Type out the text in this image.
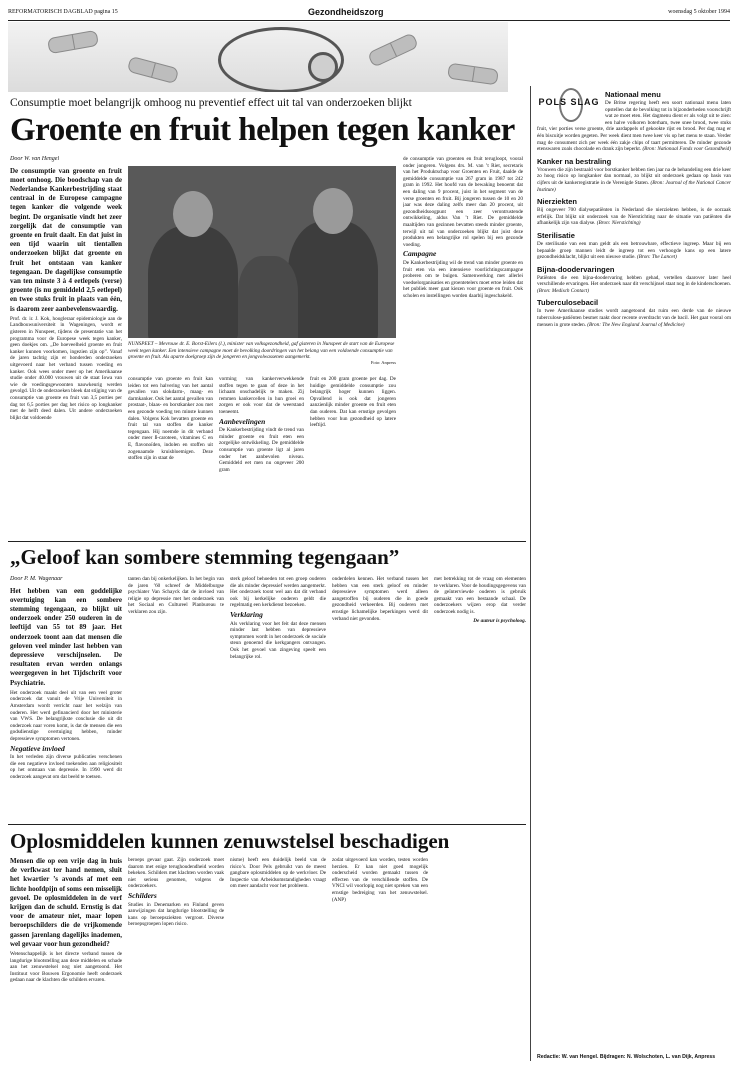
REFORMATORISCH DAGBLAD pagina 15	Gezondheidszorg	woensdag 5 oktober 1994
Consumptie moet belangrijk omhoog nu preventief effect uit tal van onderzoeken blijkt
Groente en fruit helpen tegen kanker
Door W. van Hengel

De consumptie van groente en fruit moet omhoog. Die boodschap van de Nederlandse Kankerbestrijding staat centraal in de Europese campagne tegen kanker die volgende week begint. De organisatie vindt het zeer zorgelijk dat de consumptie van groente en fruit daalt. En dat juist in een tijd waarin uit tientallen onderzoeken blijkt dat groente en fruit het ontstaan van kanker tegengaan. De dagelijkse consumptie van ten minste 3 à 4 eetlepels (verse) groente (is nu gemiddeld 2,5 eetlepel) en twee stuks fruit in plaats van één, is daarom zeer aanbevelenswaardig.

Prof. dr. ir. J. Kok, hoogleraar epidemiologie aan de Landbouwuniversiteit in Wageningen, wordt er gisteren in Nunspeet, tijdens de presentatie van het programma voor de Europese week tegen kanker, geen doekjes om. „De hoeveelheid groente en fruit kanker kunnen voorkomen, ingezien zijn op”. Vanaf de jaren tachtig zijn er honderden onderzoeken uitgevoerd naar het verband tussen voeding en kanker. Ook wees onder meer op het Amerikaanse studie onder 40.000 vrouwen uit de staat Iowa van wie de voedingsgewoonten nauwkeurig werden gevolgd. Uit de onderzoeken bleek dat stijging van de consumptie van groente en fruit van 3,5 porties per dag tot 6,5 porties per dag het risico op longkanker met de helft deed dalen. Uit andere onderzoeken blijkt dat voldoende

NUNSPEET – Mevrouw dr. E. Borst-Eilers (l.), minister van volksgezondheid, gaf gisteren in Nunspeet de start van de Europese week tegen kanker. Een intensieve campagne moet de bevolking doordringen van het belang van een voldoende consumptie van groente en fruit. Als aparte doelgroep zijn de jongeren en jongvolwassenen aangemerkt.
Foto: Anpress

consumptie van groente en fruit kan leiden tot een halvering van het aantal gevallen van slokdarm-, maag- en darmkanker. Ook het aantal gevallen van prostaat-, blaas- en borstkanker zou met een gezonde voeding ten minste kunnen dalen. Volgens Kok bevatten groente en fruit tal van stoffen die kanker tegengaan. Hij noemde in dit verband onder meer ß-caroteen, vitamines C en E, flavonoïden, indolen en stoffen uit zogenaamde kruisbloemigen. Deze stoffen zijn in staat de

vorming van kankerverwekkende stoffen tegen te gaan of deze in het lichaam onschadelijk te maken. Zij remmen kankercellen in hun groei en zorgen er ook voor dat de weerstand toeneemt.

Aanbevelingen

De Kankerbestrijding vindt de trend van minder groente en fruit eten een zorgelijke ontwikkeling. De gemiddelde consumptie van groente ligt al jaren onder het aanbevolen niveau. Gemiddeld eet men nu ongeveer 200 gram

fruit en 200 gram groente per dag. De huidige gemiddelde consumptie zou belangrijk hoger kunnen liggen. Opvallend is ook dat jongeren aanzienlijk minder groente en fruit eten dan ouderen. Dat kan ernstige gevolgen hebben voor hun gezondheid op latere leeftijd.

de consumptie van groenten en fruit terugloopt, vooral onder jongeren. Volgens drs. M. van ’t Riet, secretaris van het Produktschap voor Groenten en Fruit, daalde de gemiddelde consumptie van 267 gram in 1987 tot 242 gram in 1992. Het hoofd van de bewaking benoemt dat een daling van 9 procent, juist in het segment van de verse groenten en fruit. Bij jongeren tussen de 10 en 20 jaar was deze daling zelfs meer dan 20 procent, uit gezondheidsoogpunt een zeer verontrustende ontwikkeling, aldus Van ’t Riet. De gemiddelde maaltijden van gezinnen bevatten steeds minder groente, terwijl uit tal van onderzoeken blijkt dat juist deze produkten een belangrijke rol spelen bij een gezonde voeding.

Campagne

De Kankerbestrijding wil de trend van minder groente en fruit eten via een intensieve voorlichtingscampagne proberen om te buigen. Samenwerking met allerlei voedselorganisaties en groentetelers moet ertoe leiden dat het publiek meer gaat kiezen voor groente en fruit. Ook scholen en instellingen worden daarbij ingeschakeld.

„Geloof kan sombere stemming tegengaan”
Door P. M. Wagenaar

Het hebben van een goddelijke overtuiging kan een sombere stemming tegengaan, zo blijkt uit onderzoek onder 250 ouderen in de leeftijd van 55 tot 89 jaar. Het onderzoek toont aan dat mensen die geloven veel minder last hebben van depressieve verschijnselen. De resultaten ervan werden onlangs weergegeven in het Tijdschrift voor Psychiatrie.

Het onderzoek maakt deel uit van een veel groter onderzoek dat vanuit de Vrije Universiteit in Amsterdam wordt verricht naar het welzijn van ouderen. Het werd gefinancierd door het ministerie van VWS. De belangrijkste conclusie die uit dit onderzoek naar voren komt, is dat de mensen die een godsdienstige overtuiging hebben, minder depressieve symptomen vertonen.

Negatieve invloed

In het verleden zijn diverse publicaties verschenen die een negatieve invloed toekenden aan religiositeit op het ontstaan van depressie. In 1990 werd dit onderzoek aangevat om dat beeld te toetsen.

tanten dan bij onkerkelijken. In het begin van de jaren ’60 schreef de Middelburgse psychiater Van Schayck dat de invloed van religie op depressie met het onderzoek van het Sociaal en Cultureel Planbureau te verklaren zou zijn.

sterk geloof behoeden tot een groep ouderen die als minder depressief werden aangemerkt. Het onderzoek toont wel aan dat dit verband ook bij kerkelijke ouderen geldt die regelmatig een kerkdienst bezoeken.

Verklaring

Als verklaring voor het feit dat deze mensen minder last hebben van depressieve symptomen wordt in het onderzoek de sociale steun genoemd die kerkgangers ontvangen. Ook het gevoel van zingeving speelt een belangrijke rol.

onderdelen kennen. Het verband tussen het hebben van een sterk geloof en minder depressieve symptomen werd alleen aangetroffen bij ouderen die in goede gezondheid verkeerden. Bij ouderen met ernstige lichamelijke beperkingen werd dit verband niet gevonden.

met betrekking tot de vraag om elementen te verklaren. Voor de houdingsgegevens van de geïnterviewde ouderen is gebruik gemaakt van een bestaande schaal. De onderzoekers wijzen erop dat verder onderzoek nodig is.

De auteur is psycholoog.

Oplosmiddelen kunnen zenuwstelsel beschadigen

Mensen die op een vrije dag in huis de verfkwast ter hand nemen, sluit het kwartier ’s avonds af met een lichte hoofdpijn of soms een misselijk gevoel. De oplosmiddelen in de verf krijgen dan de schuld. Ernstig is dat voor de amateur niet, maar lopen beroepschilders die de vrijkomende gassen jarenlang dagelijks inademen, wel gevaar voor hun gezondheid?

Wetenschappelijk is het directe verband tussen de langdurige blootstelling aan deze middelen en schade aan het zenuwstelsel nog niet aangetoond. Het Instituut voor Bouwen Ergonomie heeft onderzoek gedaan naar de klachten die schilders ervaren.

beroeps gevaar gaat. Zijn onderzoek moet daarom met enige terughoudendheid worden bekeken. Schilders met klachten worden vaak niet serieus genomen, volgens de onderzoekers.

Schilders

Studies in Denemarken en Finland geven aanwijzingen dat langdurige blootstelling de kans op beroepsziekten vergroot. Diverse beroepsgroepen lopen risico.

nisme) heeft een duidelijk beeld van de risico’s. Door Pels gebruikt van de meest gangbare oplosmiddelen op de werkvloer. De Inspectie van Arbeidsomstandigheden vraagt om meer aandacht voor het probleem.

zodat uitgevoerd kan worden, testen worden herzien. Er kan niet goed mogelijk onderscheid worden gemaakt tussen de effecten van de verschillende stoffen. De VNCI wil voorlopig nog niet spreken van een ernstige bedreiging van het zenuwstelsel. (ANP)

POLS SLAG
Nationaal menu
De Britse regering heeft een soort nationaal menu laten opstellen dat de bevolking tot in bijzonderheden voorschrijft wat ze moet eten. Het dagmenu dient er als volgt uit te zien: een halve volkoren boterham, twee snee brood, twee stuks fruit, vier porties verse groente, drie aardappels of gekookte rijst en brood. Per dag mag er één biscuitje worden gegeten. Per week dient men twee keer vis op het menu te staan. Verder mag de consument zich per week één zakje chips of taart permitteren. De minder gezonde etenswaren zoals chocolade en drank zijn beperkt. (Bron: Nationaal Fonds voor Gezondheid)
Kanker na bestraling
Vrouwen die zijn bestraald voor borstkanker hebben tien jaar na de behandeling een drie keer zo hoog risico op longkanker dan normaal, zo blijkt uit onderzoek gedaan op basis van cijfers uit de kankerregistratie in de Verenigde Staten. (Bron: Journal of the National Cancer Institute)
Nierziekten
Bij ongeveer 700 dialysepatiënten in Nederland die nierziekten hebben, is de oorzaak erfelijk. Dat blijkt uit onderzoek van de Nierstichting naar de situatie van patiënten die afhankelijk zijn van dialyse. (Bron: Nierstichting)
Sterilisatie
De sterilisatie van een man geldt als een betrouwbare, effectieve ingreep. Maar bij een bepaalde groep mannen leidt de ingreep tot een verhoogde kans op een latere gezondheidsklacht, blijkt uit een nieuwe studie. (Bron: The Lancet)
Bijna-doodervaringen
Patiënten die een bijna-doodervaring hebben gehad, vertellen daarover later heel verschillende ervaringen. Het onderzoek naar dit verschijnsel staat nog in de kinderschoenen. (Bron: Medisch Contact)
Tuberculosebacil
In twee Amerikaanse studies wordt aangetoond dat ruim een derde van de nieuwe tuberculose-patiënten besmet raakt door recente overdracht van de bacil. Het gaat vooral om mensen in grote steden. (Bron: The New England Journal of Medicine)
Redactie: W. van Hengel. Bijdragen: N. Wolschoten, L. van Dijk, Anpress
